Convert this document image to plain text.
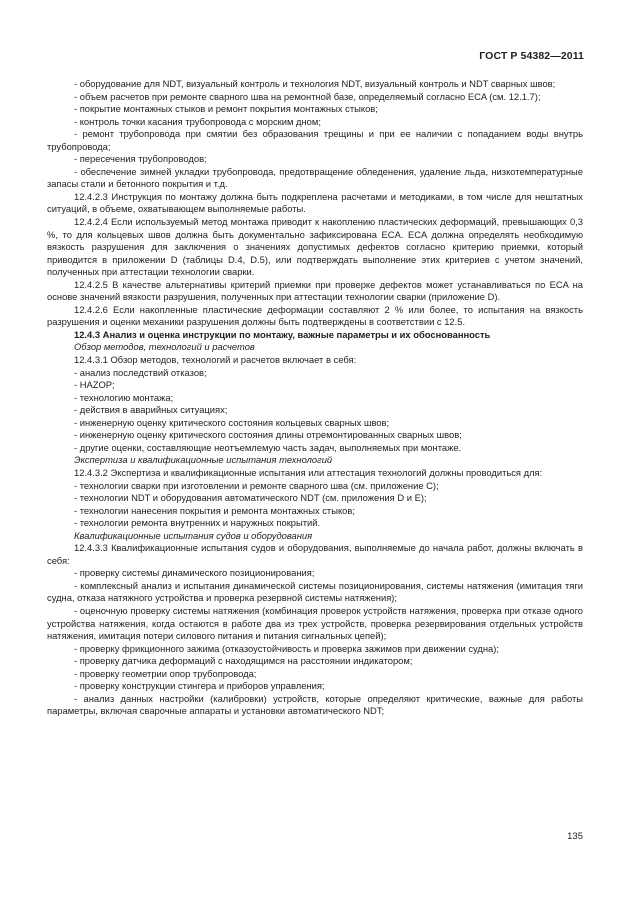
ГОСТ Р 54382—2011

- оборудование для NDT, визуальный контроль и технология NDT, визуальный контроль и NDT сварных швов;

- объем расчетов при ремонте сварного шва на ремонтной базе, определяемый согласно ECA (см. 12.1.7);

- покрытие монтажных стыков и ремонт покрытия монтажных стыков;

- контроль точки касания трубопровода с морским дном;

- ремонт трубопровода при смятии без образования трещины и при ее наличии с попаданием воды внутрь трубопровода;

- пересечения трубопроводов;

- обеспечение зимней укладки трубопровода, предотвращение обледенения, удаление льда, низкотемпературные запасы стали и бетонного покрытия и т.д.

12.4.2.3 Инструкция по монтажу должна быть подкреплена расчетами и методиками, в том числе для нештатных ситуаций, в объеме, охватывающем выполняемые работы.

12.4.2.4 Если используемый метод монтажа приводит к накоплению пластических деформаций, превышающих 0,3 %, то для кольцевых швов должна быть документально зафиксирована ECA. ECA должна определять необходимую вязкость разрушения для заключения о значениях допустимых дефектов согласно критерию приемки, который приводится в приложении D (таблицы D.4, D.5), или подтверждать выполнение этих критериев с учетом значений, полученных при аттестации технологии сварки.

12.4.2.5 В качестве альтернативы критерий приемки при проверке дефектов может устанавливаться по ECA на основе значений вязкости разрушения, полученных при аттестации технологии сварки (приложение D).

12.4.2.6 Если накопленные пластические деформации составляют 2 % или более, то испытания на вязкость разрушения и оценки механики разрушения должны быть подтверждены в соответствии с 12.5.

12.4.3 Анализ и оценка инструкции по монтажу, важные параметры и их обоснованность

Обзор методов, технологий и расчетов

12.4.3.1 Обзор методов, технологий и расчетов включает в себя:

- анализ последствий отказов;

- HAZOP;

- технологию монтажа;

- действия в аварийных ситуациях;

- инженерную оценку критического состояния кольцевых сварных швов;

- инженерную оценку критического состояния длины отремонтированных сварных швов;

- другие оценки, составляющие неотъемлемую часть задач, выполняемых при монтаже.

Экспертиза и квалификационные испытания технологий

12.4.3.2 Экспертиза и квалификационные испытания или аттестация технологий должны проводиться для:

- технологии сварки при изготовлении и ремонте сварного шва (см. приложение С);

- технологии NDT и оборудования автоматического NDT (см. приложения D и E);

- технологии нанесения покрытия и ремонта монтажных стыков;

- технологии ремонта внутренних и наружных покрытий.

Квалификационные испытания судов и оборудования

12.4.3.3 Квалификационные испытания судов и оборудования, выполняемые до начала работ, должны включать в себя:

- проверку системы динамического позиционирования;

- комплексный анализ и испытания динамической системы позиционирования, системы натяжения (имитация тяги судна, отказа натяжного устройства и проверка резервной системы натяжения);

- оценочную проверку системы натяжения (комбинация проверок устройств натяжения, проверка при отказе одного устройства натяжения, когда остаются в работе два из трех устройств, проверка резервирования отдельных устройств натяжения, имитация потери силового питания и питания сигнальных цепей);

- проверку фрикционного зажима (отказоустойчивость и проверка зажимов при движении судна);

- проверку датчика деформаций с находящимся на расстоянии индикатором;

- проверку геометрии опор трубопровода;

- проверку конструкции стингера и приборов управления;

- анализ данных настройки (калибровки) устройств, которые определяют критические, важные для работы параметры, включая сварочные аппараты и установки автоматического NDT;

135
